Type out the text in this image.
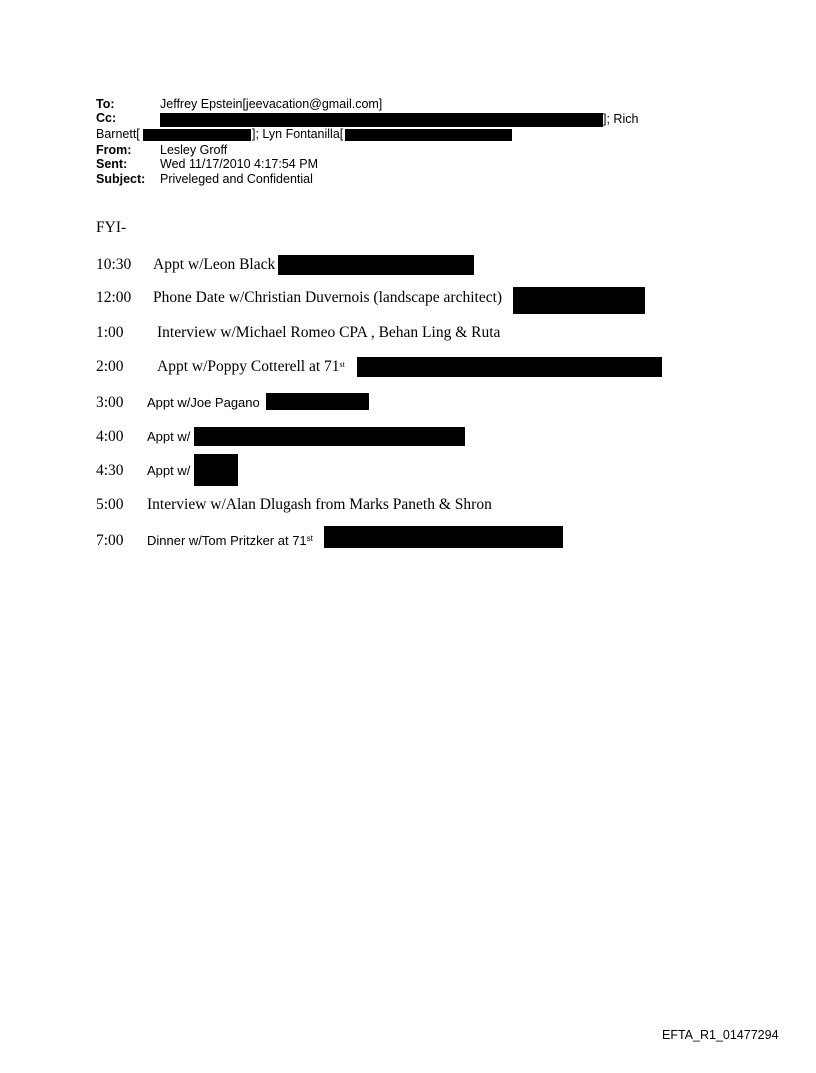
To:	Jeffrey Epstein[jeevacation@gmail.com]
Cc:	]; Rich
Barnett[	]; Lyn Fontanilla[
From: Lesley Groff
Sent:	Wed 11/17/2010 4:17:54 PM
Subject: Priveleged and Confidential
FYI-
10:30 Appt w/Leon Black
12:00 Phone Date w/Christian Duvernois (landscape architect)
1:00 Interview w/Michael Romeo CPA , Behan Ling & Ruta
2:00 Appt w/Poppy Cotterell at 71st
3:00 Appt w/Joe Pagano
4:00 Appt w/
4:30 Appt w/
5:00 Interview w/Alan Dlugash from Marks Paneth & Shron
7:00 Dinner w/Tom Pritzker at 71st
EFTA_R1_01477294
